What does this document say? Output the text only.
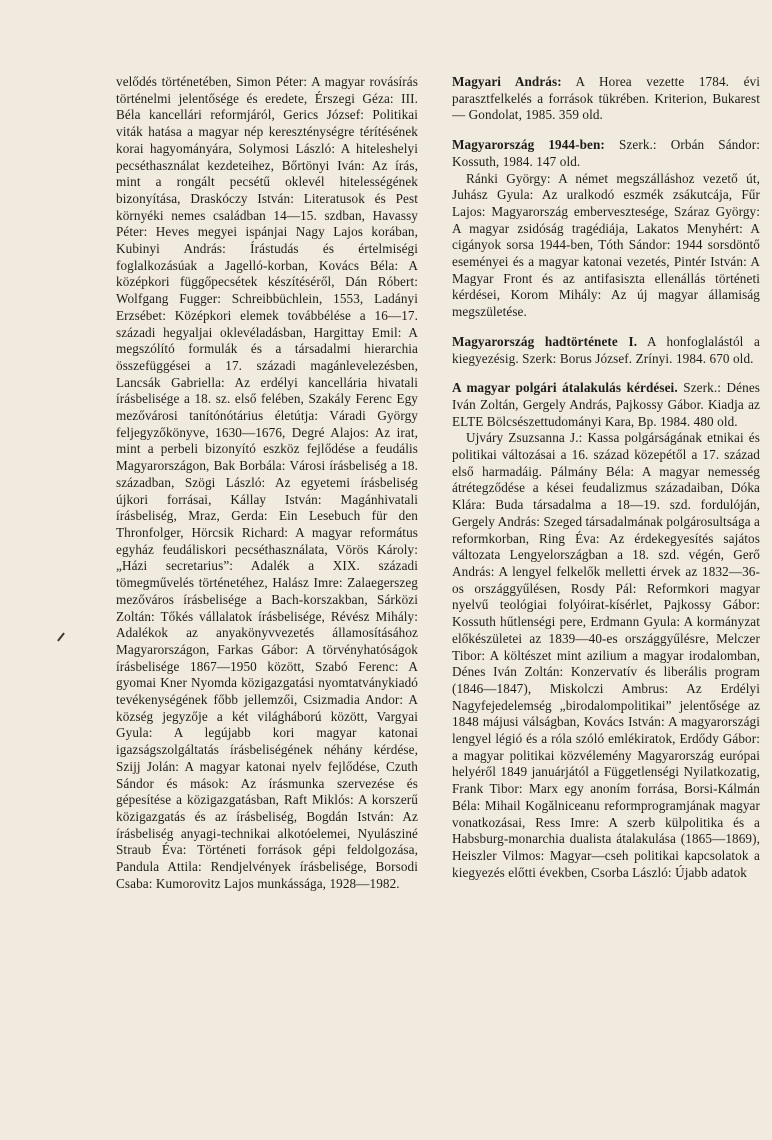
velődés történetében, Simon Péter: A magyar rovásírás történelmi jelentősége és eredete, Érszegi Géza: III. Béla kancellári reformjáról, Gerics József: Politikai viták hatása a magyar nép kereszténységre térítésének korai hagyományára, Solymosi László: A hiteleshelyi pecséthasználat kezdeteihez, Bőrtönyi Iván: Az írás, mint a rongált pecsétű oklevél hitelességének bizonyítása, Draskóczy István: Literatusok és Pest környéki nemes családban 14—15. szdban, Havassy Péter: Heves megyei ispánjai Nagy Lajos korában, Kubinyi András: Írástudás és értelmiségi foglalkozásúak a Jagelló-korban, Kovács Béla: A középkori függőpecsétek készítéséről, Dán Róbert: Wolfgang Fugger: Schreibbüchlein, 1553, Ladányi Erzsébet: Középkori elemek továbbélése a 16—17. századi hegyaljai oklevéladásban, Hargittay Emil: A megszólító formulák és a társadalmi hierarchia összefüggései a 17. századi magánlevelezésben, Lancsák Gabriella: Az erdélyi kancellária hivatali írásbelisége a 18. sz. első felében, Szakály Ferenc Egy mezővárosi tanítónótárius életútja: Váradi György feljegyzőkönyve, 1630—1676, Degré Alajos: Az irat, mint a perbeli bizonyító eszköz fejlődése a feudális Magyarországon, Bak Borbála: Városi írásbeliség a 18. században, Szögi László: Az egyetemi írásbeliség újkori forrásai, Kállay István: Magánhivatali írásbeliség, Mraz, Gerda: Ein Lesebuch für den Thronfolger, Hörcsik Richard: A magyar református egyház feudáliskori pecséthasználata, Vörös Károly: „Házi secretarius”: Adalék a XIX. századi tömegművelés történetéhez, Halász Imre: Zalaegerszeg mezőváros írásbelisége a Bach-korszakban, Sárközi Zoltán: Tőkés vállalatok írásbelisége, Révész Mihály: Adalékok az anyakönyvvezetés államosításához Magyarországon, Farkas Gábor: A törvényhatóságok írásbelisége 1867—1950 között, Szabó Ferenc: A gyomai Kner Nyomda közigazgatási nyomtatványkiadó tevékenységének főbb jellemzői, Csizmadia Andor: A község jegyzője a két világháború között, Vargyai Gyula: A legújabb kori magyar katonai igazságszolgáltatás írásbeliségének néhány kérdése, Szijj Jolán: A magyar katonai nyelv fejlődése, Czuth Sándor és mások: Az írásmunka szervezése és gépesítése a közigazgatásban, Raft Miklós: A korszerű közigazgatás és az írásbeliség, Bogdán István: Az írásbeliség anyagi-technikai alkotóelemei, Nyulásziné Straub Éva: Történeti források gépi feldolgozása, Pandula Attila: Rendjelvények írásbelisége, Borsodi Csaba: Kumorovitz Lajos munkássága, 1928—1982.

Magyari András: A Horea vezette 1784. évi parasztfelkelés a források tükrében. Kriterion, Bukarest — Gondolat, 1985. 359 old.

Magyarország 1944-ben: Szerk.: Orbán Sándor: Kossuth, 1984. 147 old.

Ránki György: A német megszálláshoz vezető út, Juhász Gyula: Az uralkodó eszmék zsákutcája, Fűr Lajos: Magyarország embervesztesége, Száraz György: A magyar zsidóság tragédiája, Lakatos Menyhért: A cigányok sorsa 1944-ben, Tóth Sándor: 1944 sorsdöntő eseményei és a magyar katonai vezetés, Pintér István: A Magyar Front és az antifasiszta ellenállás történeti kérdései, Korom Mihály: Az új magyar államiság megszületése.

Magyarország hadtörténete I. A honfoglalástól a kiegyezésig. Szerk: Borus József. Zrínyi. 1984. 670 old.

A magyar polgári átalakulás kérdései. Szerk.: Dénes Iván Zoltán, Gergely András, Pajkossy Gábor. Kiadja az ELTE Bölcsészettudományi Kara, Bp. 1984. 480 old.

Ujváry Zsuzsanna J.: Kassa polgárságának etnikai és politikai változásai a 16. század közepétől a 17. század első harmadáig. Pálmány Béla: A magyar nemesség átrétegződése a kései feudalizmus századaiban, Dóka Klára: Buda társadalma a 18—19. szd. fordulóján, Gergely András: Szeged társadalmának polgárosultsága a reformkorban, Ring Éva: Az érdekegyesítés sajátos változata Lengyelországban a 18. szd. végén, Gerő András: A lengyel felkelők melletti érvek az 1832—36-os országgyűlésen, Rosdy Pál: Reformkori magyar nyelvű teológiai folyóirat-kísérlet, Pajkossy Gábor: Kossuth hűtlenségi pere, Erdmann Gyula: A kormányzat előkészületei az 1839—40-es országgyűlésre, Melczer Tibor: A költészet mint azilium a magyar irodalomban, Dénes Iván Zoltán: Konzervatív és liberális program (1846—1847), Miskolczi Ambrus: Az Erdélyi Nagyfejedelemség „birodalompolitikai” jelentősége az 1848 májusi válságban, Kovács István: A magyarországi lengyel légió és a róla szóló emlékiratok, Erdődy Gábor: a magyar politikai közvélemény Magyarország európai helyéről 1849 januárjától a Függetlenségi Nyilatkozatig, Frank Tibor: Marx egy anoním forrása, Borsi-Kálmán Béla: Mihail Kogălniceanu reformprogramjának magyar vonatkozásai, Ress Imre: A szerb külpolitika és a Habsburg-monarchia dualista átalakulása (1865—1869), Heiszler Vilmos: Magyar—cseh politikai kapcsolatok a kiegyezés előtti években, Csorba László: Újabb adatok
